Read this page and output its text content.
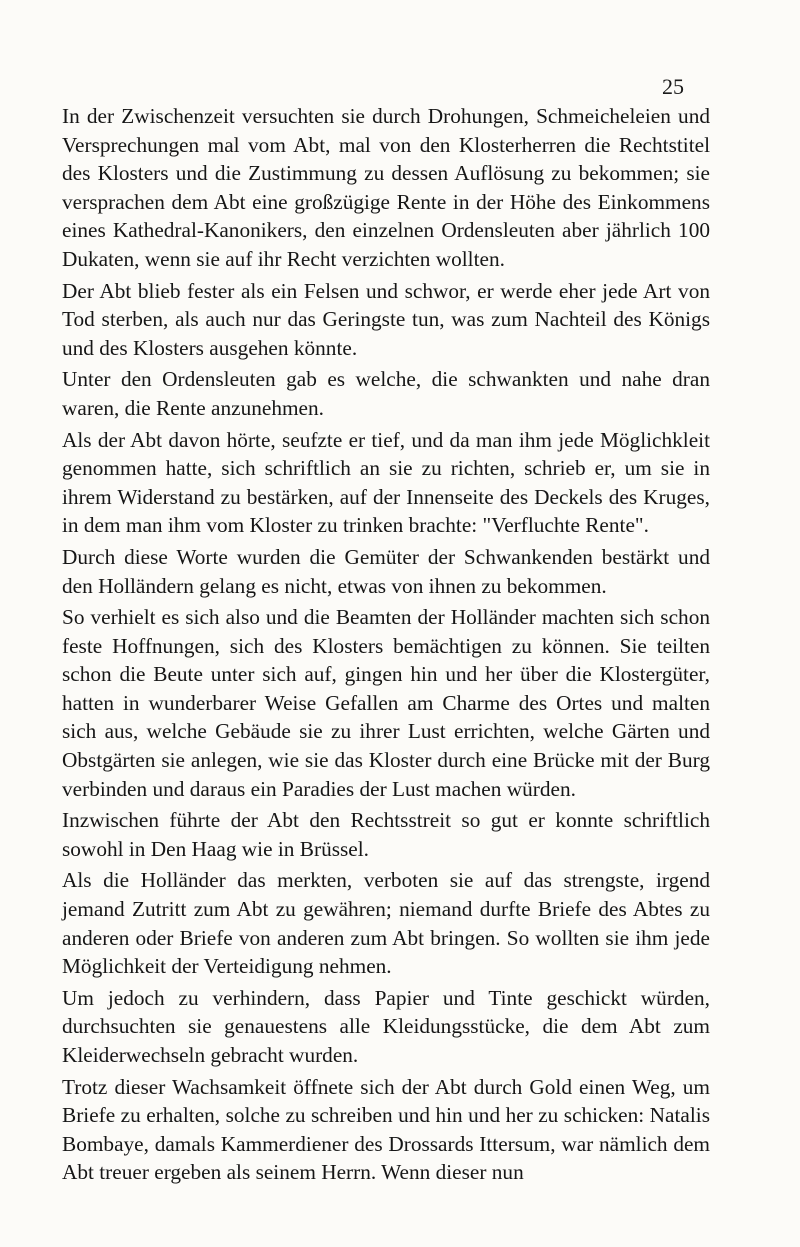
25

In der Zwischenzeit versuchten sie durch Drohungen, Schmeicheleien und Versprechungen mal vom Abt, mal von den Klosterherren die Rechtstitel des Klosters und die Zustimmung zu dessen Auflösung zu bekommen; sie versprachen dem Abt eine großzügige Rente in der Höhe des Einkommens eines Kathedral-Kanonikers, den einzelnen Ordensleuten aber jährlich 100 Dukaten, wenn sie auf ihr Recht verzichten wollten.

Der Abt blieb fester als ein Felsen und schwor, er werde eher jede Art von Tod sterben, als auch nur das Geringste tun, was zum Nachteil des Königs und des Klosters ausgehen könnte.

Unter den Ordensleuten gab es welche, die schwankten und nahe dran waren, die Rente anzunehmen.

Als der Abt davon hörte, seufzte er tief, und da man ihm jede Möglichkleit genommen hatte, sich schriftlich an sie zu richten, schrieb er, um sie in ihrem Widerstand zu bestärken, auf der Innenseite des Deckels des Kruges, in dem man ihm vom Kloster zu trinken brachte: "Verfluchte Rente".

Durch diese Worte wurden die Gemüter der Schwankenden bestärkt und den Holländern gelang es nicht, etwas von ihnen zu bekommen.

So verhielt es sich also und die Beamten der Holländer machten sich schon feste Hoffnungen, sich des Klosters bemächtigen zu können. Sie teilten schon die Beute unter sich auf, gingen hin und her über die Klostergüter, hatten in wunderbarer Weise Gefallen am Charme des Ortes und malten sich aus, welche Gebäude sie zu ihrer Lust errichten, welche Gärten und Obstgärten sie anlegen, wie sie das Kloster durch eine Brücke mit der Burg verbinden und daraus ein Paradies der Lust machen würden.

Inzwischen führte der Abt den Rechtsstreit so gut er konnte schriftlich sowohl in Den Haag wie in Brüssel.

Als die Holländer das merkten, verboten sie auf das strengste, irgend jemand Zutritt zum Abt zu gewähren; niemand durfte Briefe des Abtes zu anderen oder Briefe von anderen zum Abt bringen. So wollten sie ihm jede Möglichkeit der Verteidigung nehmen.

Um jedoch zu verhindern, dass Papier und Tinte geschickt würden, durchsuchten sie genauestens alle Kleidungsstücke, die dem Abt zum Kleiderwechseln gebracht wurden.

Trotz dieser Wachsamkeit öffnete sich der Abt durch Gold einen Weg, um Briefe zu erhalten, solche zu schreiben und hin und her zu schicken: Natalis Bombaye, damals Kammerdiener des Drossards Ittersum, war nämlich dem Abt treuer ergeben als seinem Herrn. Wenn dieser nun
